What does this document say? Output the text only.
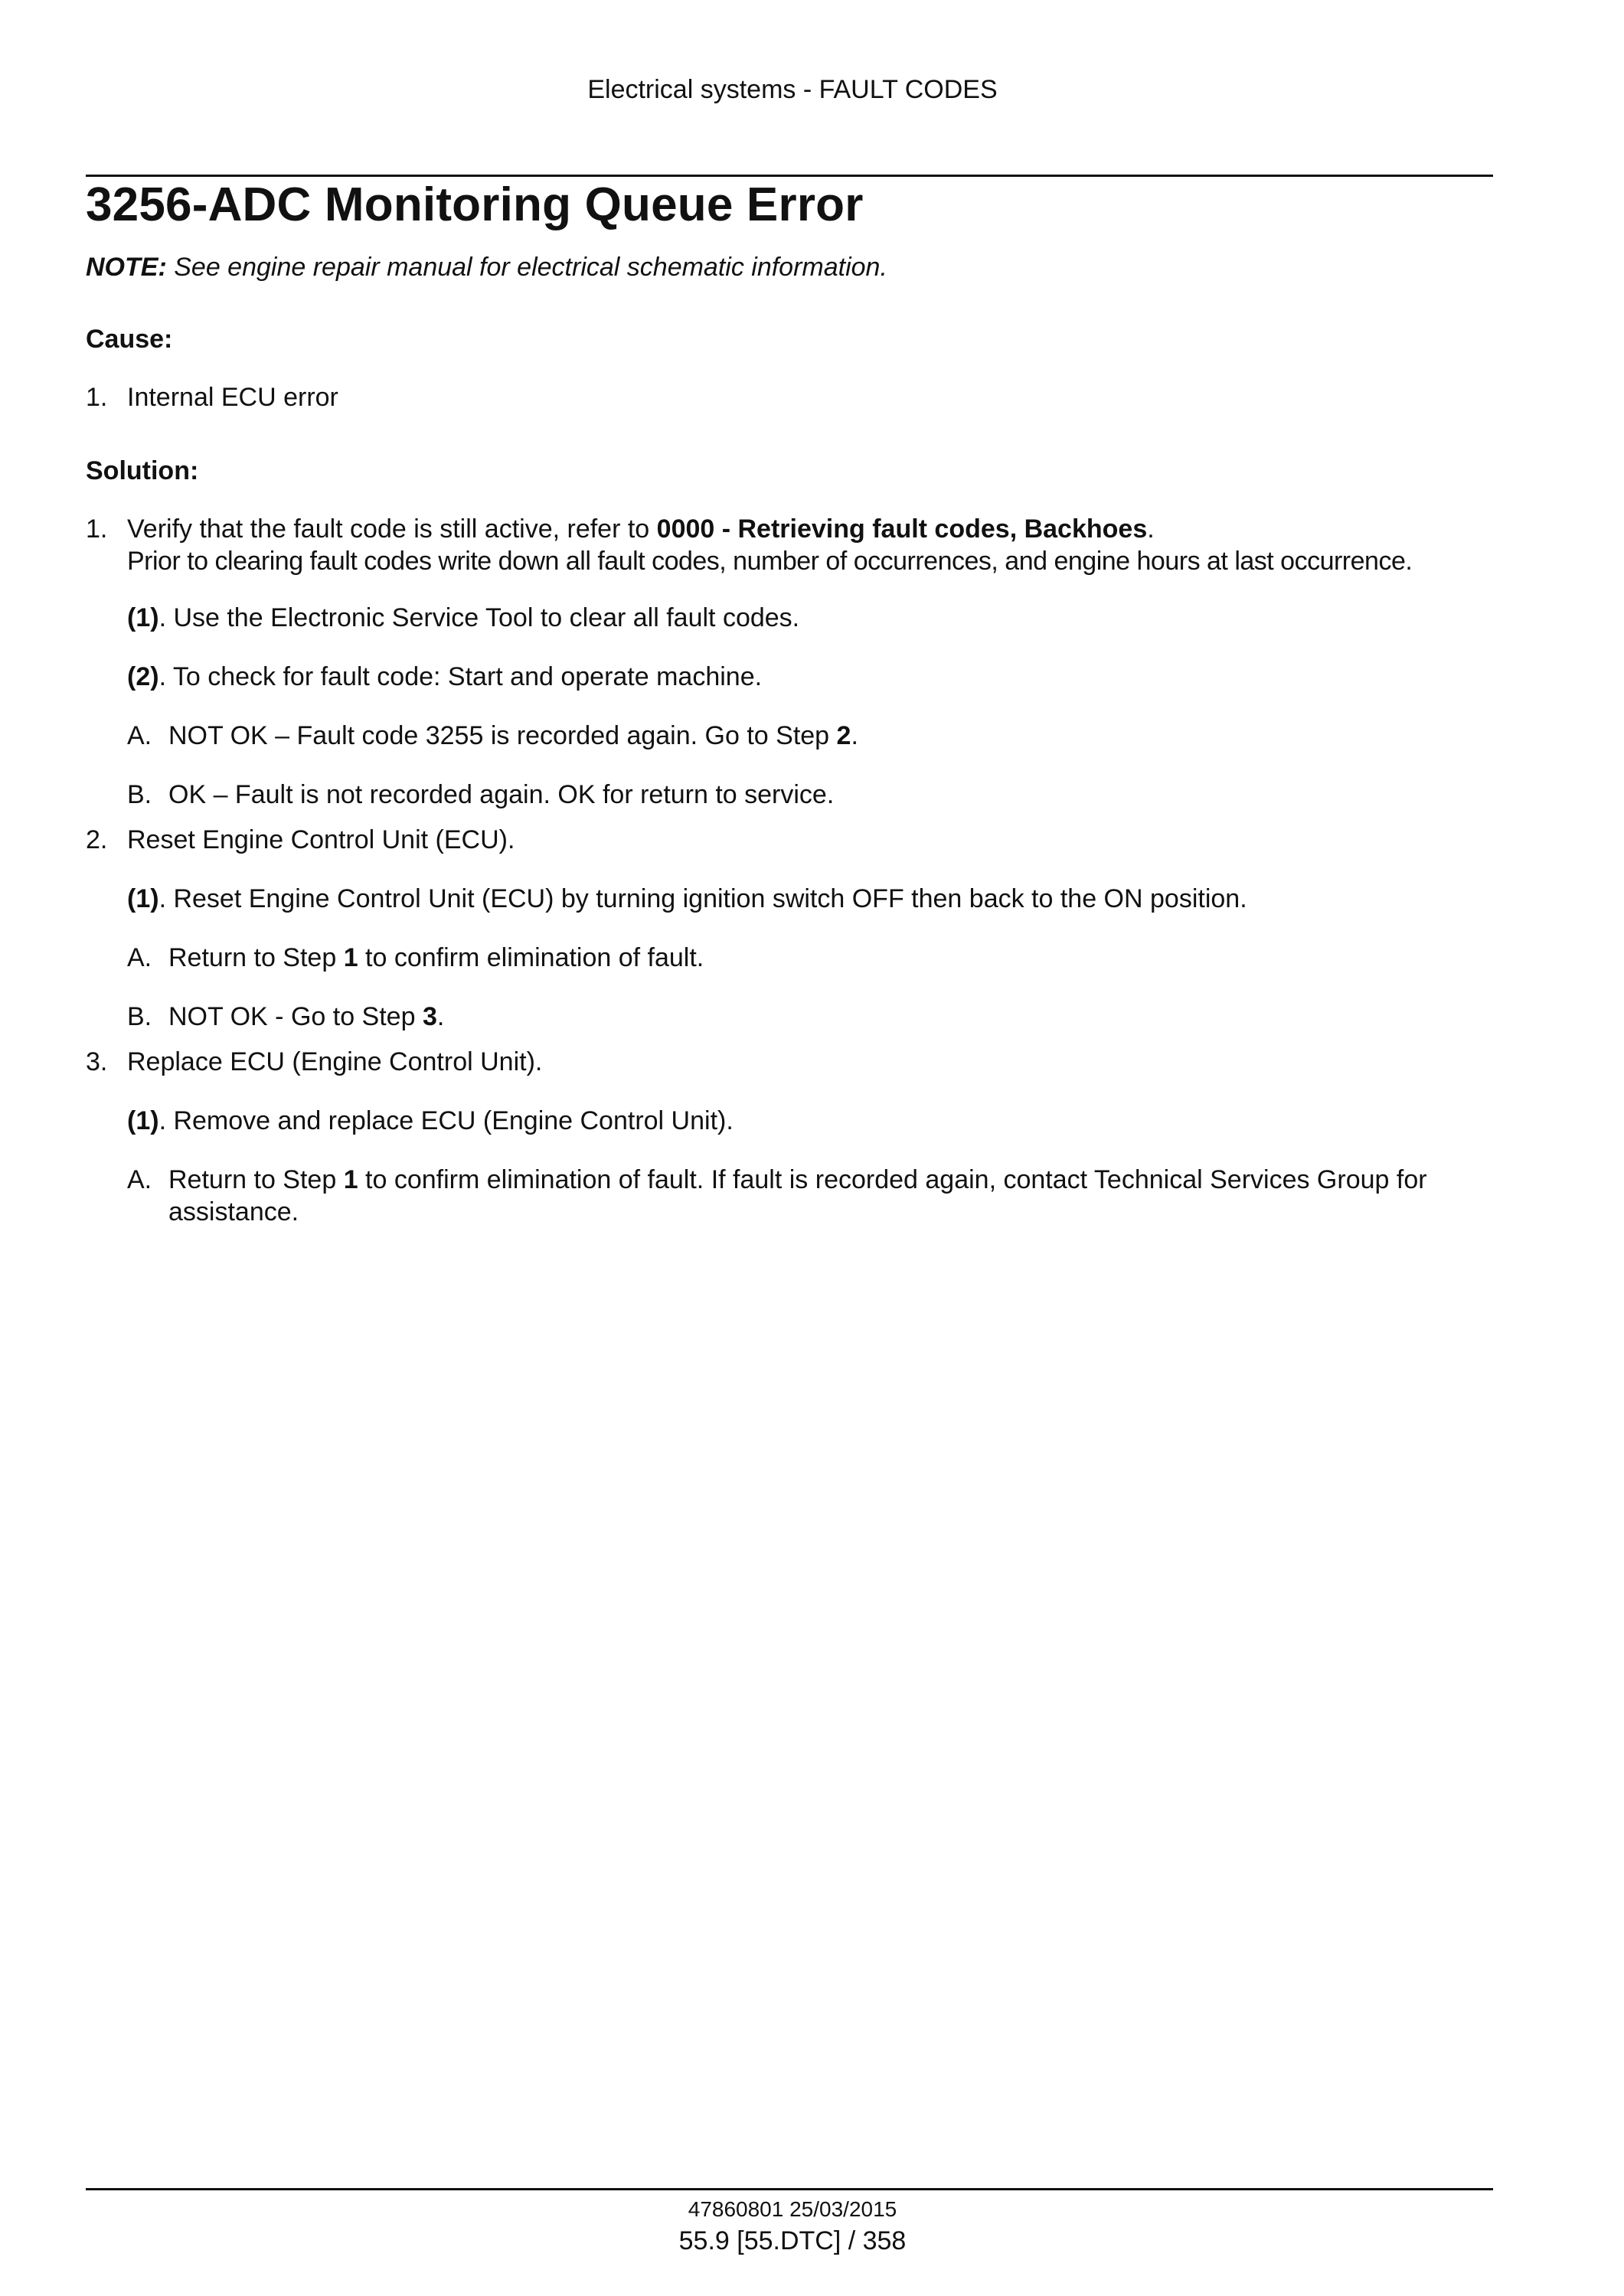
Electrical systems - FAULT CODES
3256-ADC Monitoring Queue Error
NOTE: See engine repair manual for electrical schematic information.
Cause:
1. Internal ECU error
Solution:
1. Verify that the fault code is still active, refer to 0000 - Retrieving fault codes, Backhoes.
Prior to clearing fault codes write down all fault codes, number of occurrences, and engine hours at last occurrence.
(1). Use the Electronic Service Tool to clear all fault codes.
(2). To check for fault code: Start and operate machine.
A. NOT OK – Fault code 3255 is recorded again. Go to Step 2.
B. OK – Fault is not recorded again. OK for return to service.
2. Reset Engine Control Unit (ECU).
(1). Reset Engine Control Unit (ECU) by turning ignition switch OFF then back to the ON position.
A. Return to Step 1 to confirm elimination of fault.
B. NOT OK - Go to Step 3.
3. Replace ECU (Engine Control Unit).
(1). Remove and replace ECU (Engine Control Unit).
A. Return to Step 1 to confirm elimination of fault. If fault is recorded again, contact Technical Services Group for
assistance.
47860801 25/03/2015
55.9 [55.DTC] / 358
